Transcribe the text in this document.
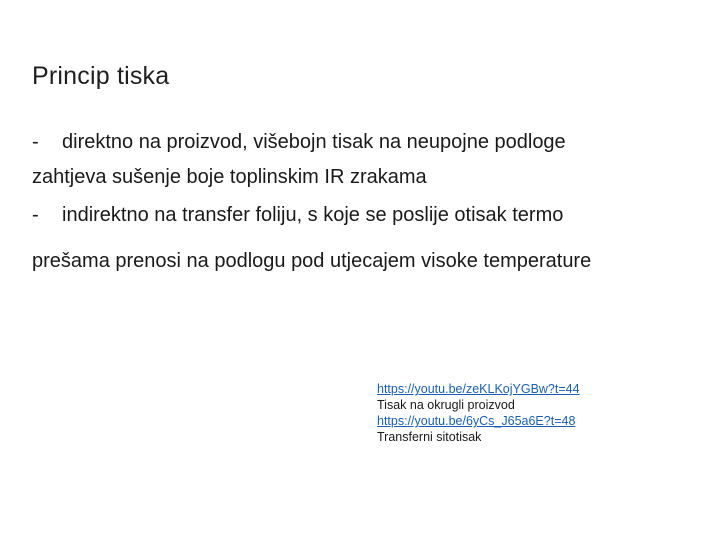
Princip tiska
- direktno na proizvod, višebojn tisak na neupojne podloge
zahtjeva sušenje boje toplinskim IR zrakama
- indirektno na transfer foliju, s koje se poslije otisak termo
prešama prenosi na podlogu pod utjecajem visoke temperature
https://youtu.be/zeKLKojYGBw?t=44
Tisak na okrugli proizvod
https://youtu.be/6yCs_J65a6E?t=48
Transferni sitotisak
